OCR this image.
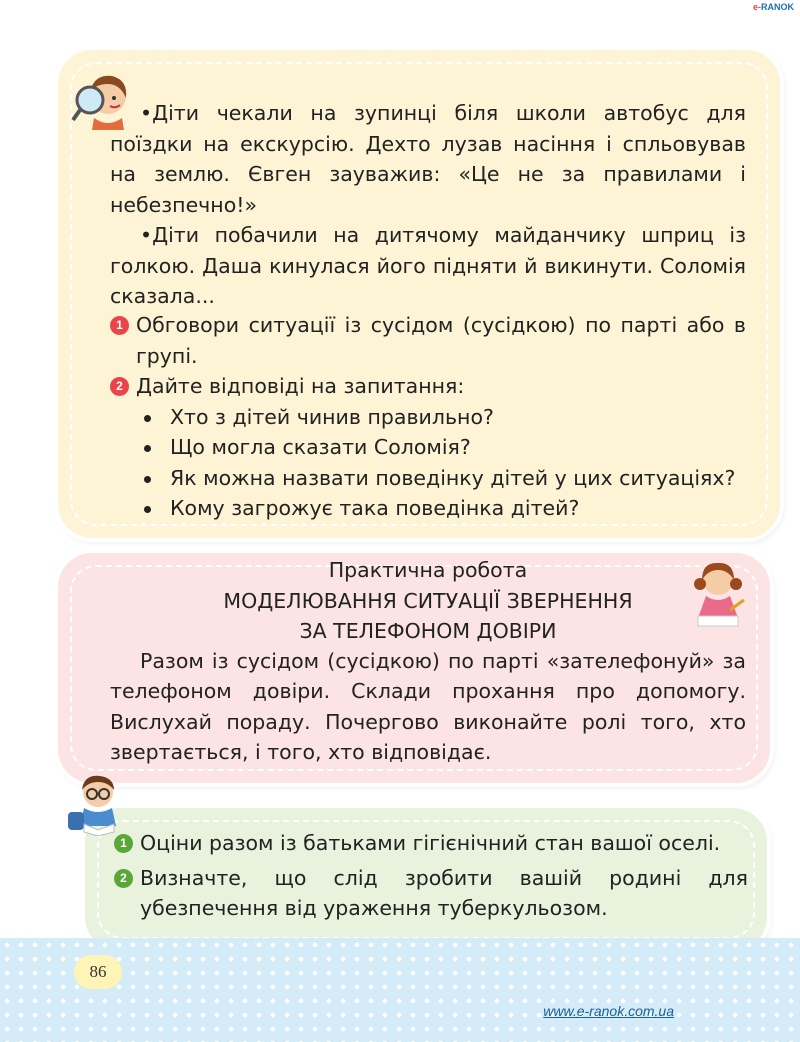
e-RANOK

•Діти чекали на зупинці біля школи автобус для поїздки на екскурсію. Дехто лузав насіння і спльовував на землю. Євген зауважив: «Це не за правилами і небезпечно!»

•Діти побачили на дитячому майданчику шприц із голкою. Даша кинулася його підняти й викинути. Соломія сказала...

1 Обговори ситуації із сусідом (сусідкою) по парті або в групі.

2 Дайте відповіді на запитання:

Хто з дітей чинив правильно?
Що могла сказати Соломія?
Як можна назвати поведінку дітей у цих ситуаціях?
Кому загрожує така поведінка дітей?
Практична робота
МОДЕЛЮВАННЯ СИТУАЦІЇ ЗВЕРНЕННЯ
ЗА ТЕЛЕФОНОМ ДОВІРИ

Разом із сусідом (сусідкою) по парті «зателефонуй» за телефоном довіри. Склади прохання про допомогу. Вислухай пораду. Почергово виконайте ролі того, хто звертається, і того, хто відповідає.

1 Оціни разом із батьками гігієнічний стан вашої оселі.

2 Визначте, що слід зробити вашій родині для убезпечення від ураження туберкульозом.

86
www.e-ranok.com.ua
